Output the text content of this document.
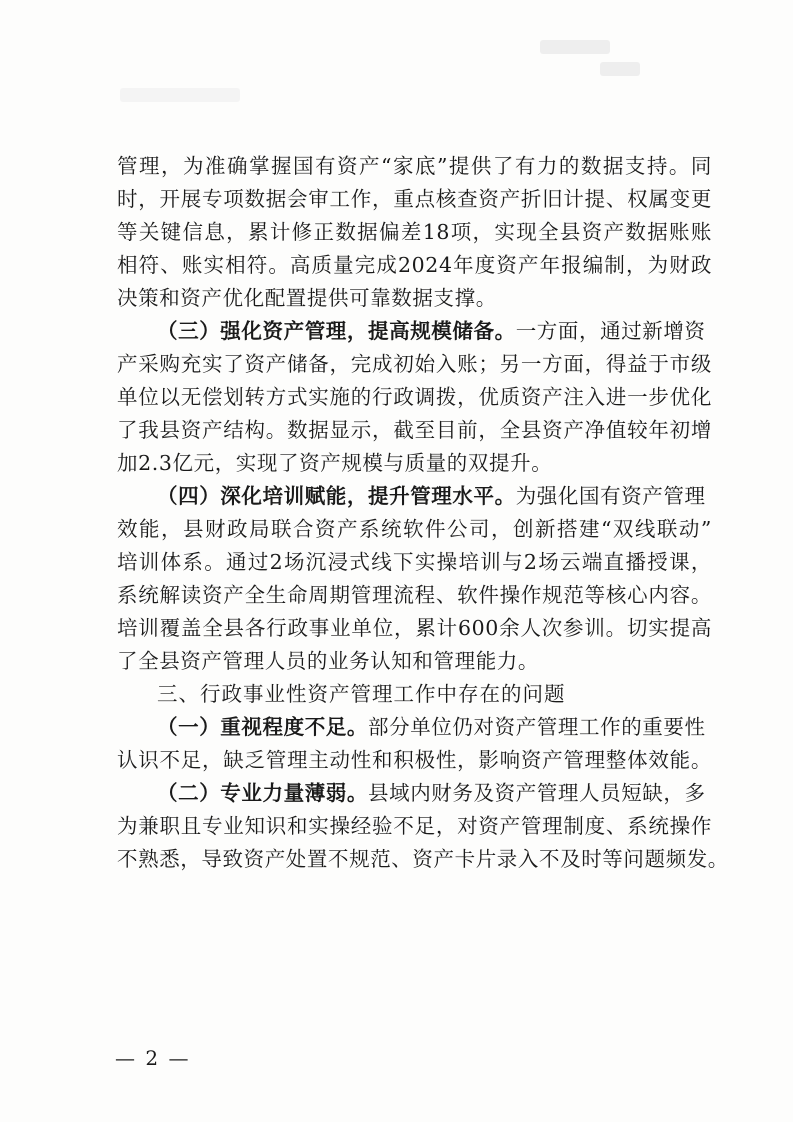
管理，为准确掌握国有资产“家底”提供了有力的数据支持。同
时，开展专项数据会审工作，重点核查资产折旧计提、权属变更
等关键信息，累计修正数据偏差18项，实现全县资产数据账账
相符、账实相符。高质量完成2024年度资产年报编制，为财政
决策和资产优化配置提供可靠数据支撑。
（三）强化资产管理，提高规模储备。一方面，通过新增资
产采购充实了资产储备，完成初始入账；另一方面，得益于市级
单位以无偿划转方式实施的行政调拨，优质资产注入进一步优化
了我县资产结构。数据显示，截至目前，全县资产净值较年初增
加2.3亿元，实现了资产规模与质量的双提升。
（四）深化培训赋能，提升管理水平。为强化国有资产管理
效能，县财政局联合资产系统软件公司，创新搭建“双线联动”
培训体系。通过2场沉浸式线下实操培训与2场云端直播授课，
系统解读资产全生命周期管理流程、软件操作规范等核心内容。
培训覆盖全县各行政事业单位，累计600余人次参训。切实提高
了全县资产管理人员的业务认知和管理能力。
三、行政事业性资产管理工作中存在的问题
（一）重视程度不足。部分单位仍对资产管理工作的重要性
认识不足，缺乏管理主动性和积极性，影响资产管理整体效能。
（二）专业力量薄弱。县域内财务及资产管理人员短缺，多
为兼职且专业知识和实操经验不足，对资产管理制度、系统操作
不熟悉，导致资产处置不规范、资产卡片录入不及时等问题频发。
— 2 —
